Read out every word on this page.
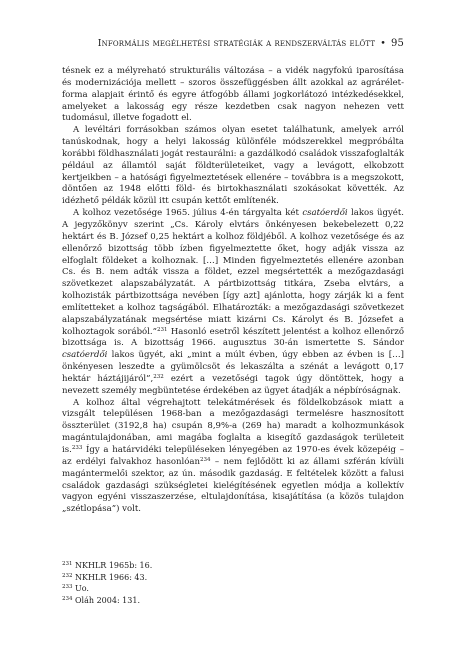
Informális megélhetési stratégiák a rendszerváltás előtt • 95

tésnek ez a mélyreható strukturális változása – a vidék nagyfokú iparosítása és modernizációja mellett – szoros összefüggésben állt azokkal az agrárélet-forma alapjait érintő és egyre átfogóbb állami jogkorlátozó intézkedésekkel, amelyeket a lakosság egy része kezdetben csak nagyon nehezen vett tudomásul, illetve fogadott el.

A levéltári forrásokban számos olyan esetet találhatunk, amelyek arról tanúskodnak, hogy a helyi lakosság különféle módszerekkel megpróbálta korábbi földhasználati jogát restaurálni: a gazdálkodó családok visszafoglalták például az államtól saját földterületeiket, vagy a levágott, elkobzott kertjeikben – a hatósági figyelmeztetések ellenére – továbbra is a megszokott, döntően az 1948 előtti föld- és birtokhasználati szokásokat követték. Az idézhető példák közül itt csupán kettőt említenék.

A kolhoz vezetősége 1965. július 4-én tárgyalta két csatóerdői lakos ügyét. A jegyzőkönyv szerint „Cs. Károly elvtárs önkényesen bekebelezett 0,22 hektárt és B. József 0,25 hektárt a kolhoz földjéből. A kolhoz vezetősége és az ellenőrző bizottság több ízben figyelmeztette őket, hogy adják vissza az elfoglalt földeket a kolhoznak. […] Minden figyelmeztetés ellenére azonban Cs. és B. nem adták vissza a földet, ezzel megsértették a mezőgazdasági szövetkezet alapszabályzatát. A pártbizottság titkára, Zseba elvtárs, a kolhozisták pártbizottsága nevében [így azt] ajánlotta, hogy zárják ki a fent említetteket a kolhoz tagságából. Elhatározták: a mezőgazdasági szövetkezet alapszabályzatának megsértése miatt kizárni Cs. Károlyt és B. Józsefet a kolhoztagok sorából.”$^{231}$ Hasonló esetről készített jelentést a kolhoz ellenőrző bizottsága is. A bizottság 1966. augusztus 30-án ismertette S. Sándor csatóerdői lakos ügyét, aki „mint a múlt évben, úgy ebben az évben is […] önkényesen leszedte a gyümölcsöt és lekaszálta a szénát a levágott 0,17 hektár háztájijáról”,$^{232}$ ezért a vezetőségi tagok úgy döntöttek, hogy a nevezett személy megbüntetése érdekében az ügyet átadják a népbíróságnak.

A kolhoz által végrehajtott telekátmérések és földelkobzások miatt a vizsgált településen 1968-ban a mezőgazdasági termelésre hasznosított összterület (3192,8 ha) csupán 8,9%-a (269 ha) maradt a kolhozmunkások magántulajdonában, ami magába foglalta a kisegítő gazdaságok területeit is.$^{233}$ Így a határvidéki településeken lényegében az 1970-es évek közepéig – az erdélyi falvakhoz hasonlóan$^{234}$ – nem fejlődött ki az állami szférán kívüli magántermelői szektor, az ún. második gazdaság. E feltételek között a falusi családok gazdasági szükségletei kielégítésének egyetlen módja a kollektív vagyon egyéni visszaszerzése, eltulajdonítása, kisajátítása (a közös tulajdon „szétlopása”) volt.

231 NKHLR 1965b: 16.
232 NKHLR 1966: 43.
233 Uo.
234 Oláh 2004: 131.
